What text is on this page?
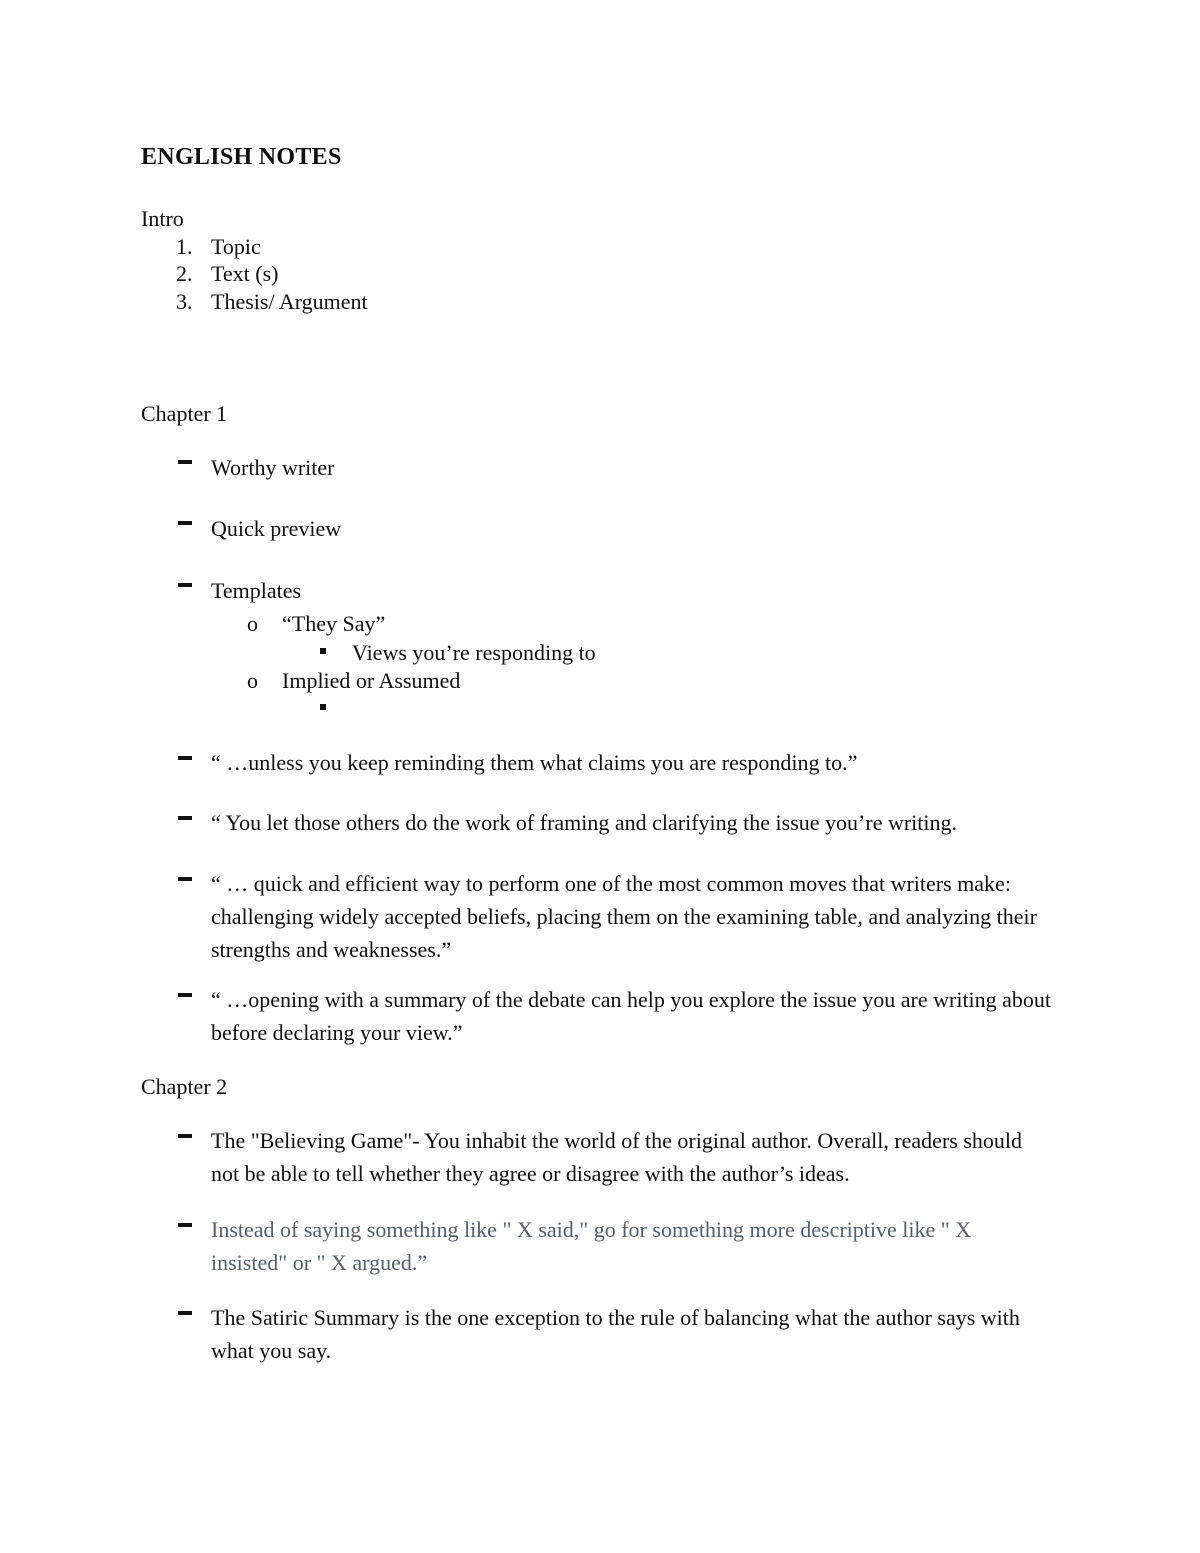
ENGLISH NOTES
Intro
1. Topic
2. Text (s)
3. Thesis/ Argument
Chapter 1
Worthy writer
Quick preview
Templates
o “They Say”
Views you’re responding to
o Implied or Assumed
“ …unless you keep reminding them what claims you are responding to.”
“ You let those others do the work of framing and clarifying the issue you’re writing.
“ … quick and efficient way to perform one of the most common moves that writers make: challenging widely accepted beliefs, placing them on the examining table, and analyzing their strengths and weaknesses.”
“ …opening with a summary of the debate can help you explore the issue you are writing about before declaring your view.”
Chapter 2
The "Believing Game"- You inhabit the world of the original author. Overall, readers should not be able to tell whether they agree or disagree with the author’s ideas.
Instead of saying something like " X said," go for something more descriptive like " X insisted" or " X argued.”
The Satiric Summary is the one exception to the rule of balancing what the author says with what you say.
